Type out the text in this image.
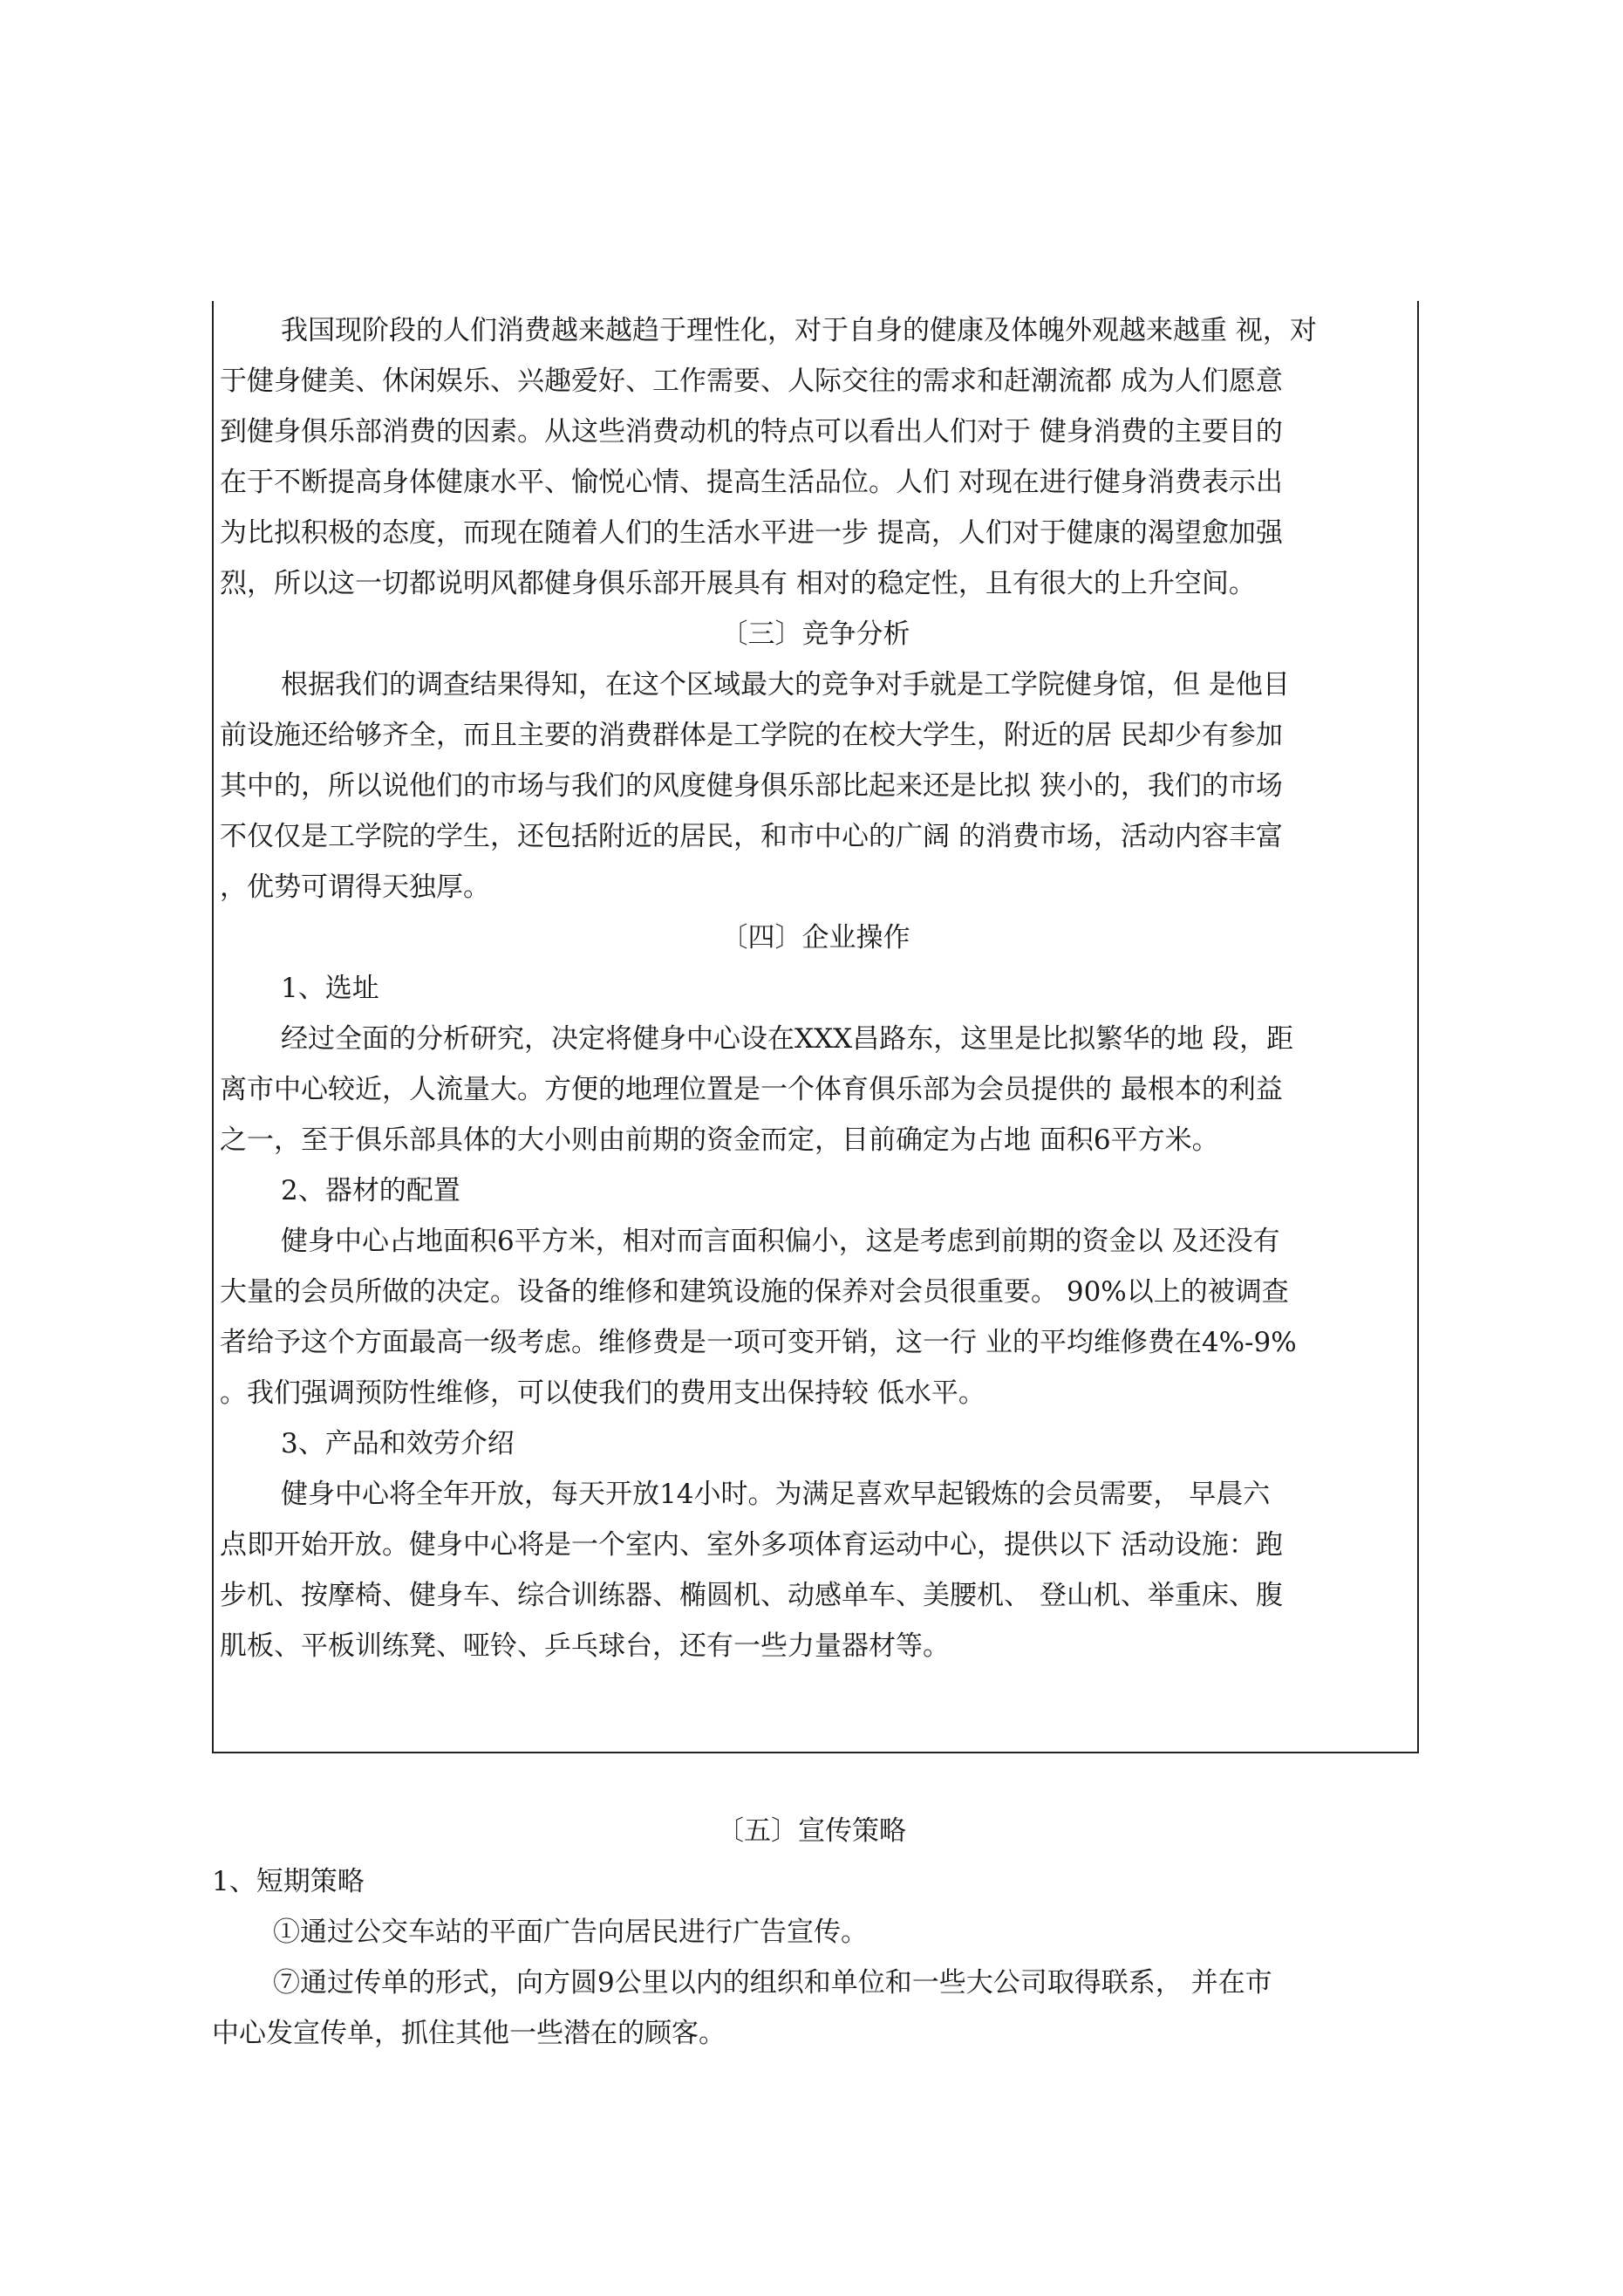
我国现阶段的人们消费越来越趋于理性化，对于自身的健康及体魄外观越来越重 视，对

于健身健美、休闲娱乐、兴趣爱好、工作需要、人际交往的需求和赶潮流都 成为人们愿意

到健身俱乐部消费的因素。从这些消费动机的特点可以看出人们对于 健身消费的主要目的

在于不断提高身体健康水平、愉悦心情、提高生活品位。人们 对现在进行健身消费表示出

为比拟积极的态度，而现在随着人们的生活水平进一步 提高，人们对于健康的渴望愈加强

烈，所以这一切都说明风都健身俱乐部开展具有 相对的稳定性，且有很大的上升空间。

〔三〕竞争分析

根据我们的调查结果得知，在这个区域最大的竞争对手就是工学院健身馆，但 是他目

前设施还给够齐全，而且主要的消费群体是工学院的在校大学生，附近的居 民却少有参加

其中的，所以说他们的市场与我们的风度健身俱乐部比起来还是比拟 狭小的，我们的市场

不仅仅是工学院的学生，还包括附近的居民，和市中心的广阔 的消费市场，活动内容丰富

，优势可谓得天独厚。

〔四〕企业操作

1、选址

经过全面的分析研究，决定将健身中心设在XXX昌路东，这里是比拟繁华的地 段，距

离市中心较近，人流量大。方便的地理位置是一个体育俱乐部为会员提供的 最根本的利益

之一，至于俱乐部具体的大小则由前期的资金而定，目前确定为占地 面积6平方米。

2、器材的配置

健身中心占地面积6平方米，相对而言面积偏小，这是考虑到前期的资金以 及还没有

大量的会员所做的决定。设备的维修和建筑设施的保养对会员很重要。 90%以上的被调查

者给予这个方面最高一级考虑。维修费是一项可变开销，这一行 业的平均维修费在4%-9%

。我们强调预防性维修，可以使我们的费用支出保持较 低水平。

3、产品和效劳介绍

健身中心将全年开放，每天开放14小时。为满足喜欢早起锻炼的会员需要， 早晨六

点即开始开放。健身中心将是一个室内、室外多项体育运动中心，提供以下 活动设施：跑

步机、按摩椅、健身车、综合训练器、椭圆机、动感单车、美腰机、 登山机、举重床、腹

肌板、平板训练凳、哑铃、乒乓球台，还有一些力量器材等。

〔五〕宣传策略

1、短期策略

①通过公交车站的平面广告向居民进行广告宣传。

⑦通过传单的形式，向方圆9公里以内的组织和单位和一些大公司取得联系， 并在市

中心发宣传单，抓住其他一些潜在的顾客。
